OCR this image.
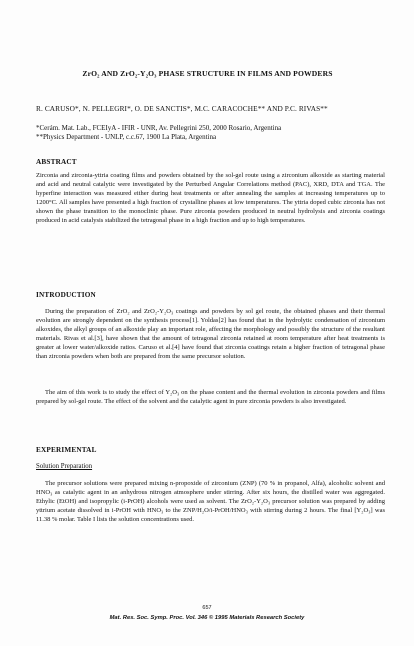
ZrO₂ AND ZrO₂-Y₂O₃ PHASE STRUCTURE IN FILMS AND POWDERS
R. CARUSO*, N. PELLEGRI*, O. DE SANCTIS*, M.C. CARACOCHE** AND P.C. RIVAS**
*Cerám. Mat. Lab., FCEIyA - IFIR - UNR, Av. Pellegrini 250, 2000 Rosario, Argentina
**Physics Department - UNLP, c.c.67, 1900 La Plata, Argentina
ABSTRACT

Zirconia and zirconia-yttria coating films and powders obtained by the sol-gel route using a zirconium alkoxide as starting material and acid and neutral catalytic were investigated by the Perturbed Angular Correlations method (PAC), XRD, DTA and TGA. The hyperfine interaction was measured either during heat treatments or after annealing the samples at increasing temperatures up to 1200°C. All samples have presented a high fraction of crystalline phases at low temperatures. The yttria doped cubic zirconia has not shown the phase transition to the monoclinic phase. Pure zirconia powders produced in neutral hydrolysis and zirconia coatings produced in acid catalysis stabilized the tetragonal phase in a high fraction and up to high temperatures.

INTRODUCTION

During the preparation of ZrO₂ and ZrO₂-Y₂O₃ coatings and powders by sol gel route, the obtained phases and their thermal evolution are strongly dependent on the synthesis process[1]. Yoldas[2] has found that in the hydrolytic condensation of zirconium alkoxides, the alkyl groups of an alkoxide play an important role, affecting the morphology and possibly the structure of the resultant materials. Rivas et al.[3], have shown that the amount of tetragonal zirconia retained at room temperature after heat treatments is greater at lower water/alkoxide ratios. Caruso et al.[4] have found that zirconia coatings retain a higher fraction of tetragonal phase than zirconia powders when both are prepared from the same precursor solution.

The aim of this work is to study the effect of Y₂O₃ on the phase content and the thermal evolution in zirconia powders and films prepared by sol-gel route. The effect of the solvent and the catalytic agent in pure zirconia powders is also investigated.

EXPERIMENTAL
Solution Preparation

The precursor solutions were prepared mixing n-propoxide of zirconium (ZNP) (70 % in propanol, Alfa), alcoholic solvent and HNO₃ as catalytic agent in an anhydrous nitrogen atmosphere under stirring. After six hours, the distilled water was aggregated. Ethylic (EtOH) and isopropylic (i-PrOH) alcohols were used as solvent. The ZrO₂-Y₂O₃ precursor solution was prepared by adding yttrium acetate dissolved in i-PrOH with HNO₃ to the ZNP/H₂O/i-PrOH/HNO₃ with stirring during 2 hours. The final [Y₂O₃] was 11.38 % molar. Table I lists the solution concentrations used.

657
Mat. Res. Soc. Symp. Proc. Vol. 346 © 1995 Materials Research Society
